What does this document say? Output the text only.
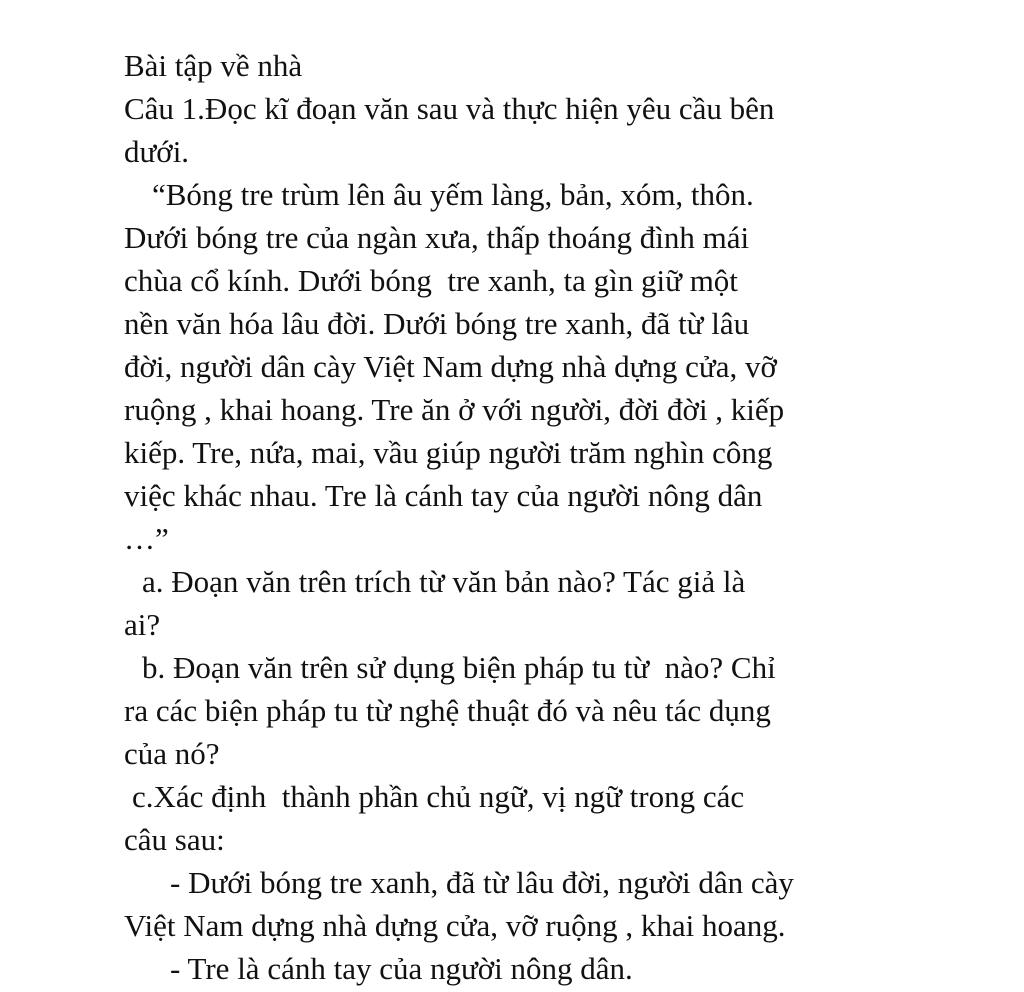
Bài tập về nhà
Câu 1.Đọc kĩ đoạn văn sau và thực hiện yêu cầu bên
dưới.
“Bóng tre trùm lên âu yếm làng, bản, xóm, thôn.
Dưới bóng tre của ngàn xưa, thấp thoáng đình mái
chùa cổ kính. Dưới bóng  tre xanh, ta gìn giữ một
nền văn hóa lâu đời. Dưới bóng tre xanh, đã từ lâu
đời, người dân cày Việt Nam dựng nhà dựng cửa, vỡ
ruộng , khai hoang. Tre ăn ở với người, đời đời , kiếp
kiếp. Tre, nứa, mai, vầu giúp người trăm nghìn công
việc khác nhau. Tre là cánh tay của người nông dân
…”
a. Đoạn văn trên trích từ văn bản nào? Tác giả là
ai?
b. Đoạn văn trên sử dụng biện pháp tu từ  nào? Chỉ
ra các biện pháp tu từ nghệ thuật đó và nêu tác dụng
của nó?
c.Xác định  thành phần chủ ngữ, vị ngữ trong các
câu sau:
- Dưới bóng tre xanh, đã từ lâu đời, người dân cày
Việt Nam dựng nhà dựng cửa, vỡ ruộng , khai hoang.
- Tre là cánh tay của người nông dân.
